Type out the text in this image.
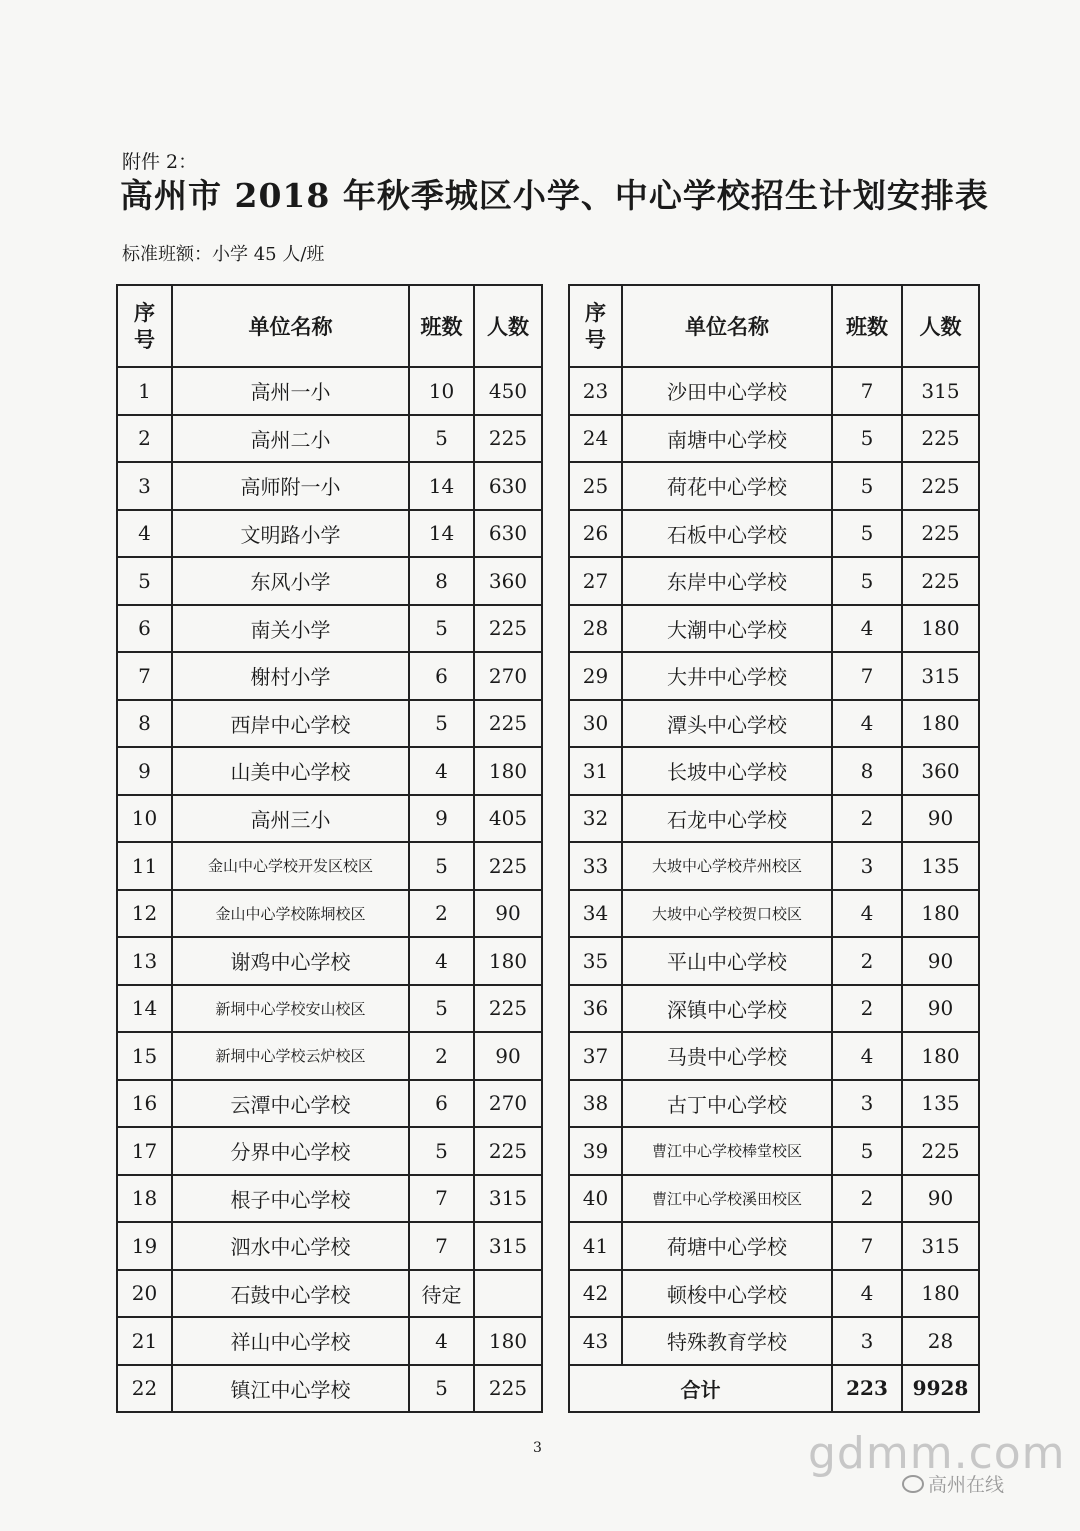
附件 2：
高州市 2018 年秋季城区小学、中心学校招生计划安排表
标准班额：小学 45 人/班
序号	单位名称	班数	人数
1	高州一小	10	450
2	高州二小	5	225
3	高师附一小	14	630
4	文明路小学	14	630
5	东风小学	8	360
6	南关小学	5	225
7	榭村小学	6	270
8	西岸中心学校	5	225
9	山美中心学校	4	180
10	高州三小	9	405
11	金山中心学校开发区校区	5	225
12	金山中心学校陈垌校区	2	90
13	谢鸡中心学校	4	180
14	新垌中心学校安山校区	5	225
15	新垌中心学校云炉校区	2	90
16	云潭中心学校	6	270
17	分界中心学校	5	225
18	根子中心学校	7	315
19	泗水中心学校	7	315
20	石鼓中心学校	待定	
21	祥山中心学校	4	180
22	镇江中心学校	5	225
序号	单位名称	班数	人数
23	沙田中心学校	7	315
24	南塘中心学校	5	225
25	荷花中心学校	5	225
26	石板中心学校	5	225
27	东岸中心学校	5	225
28	大潮中心学校	4	180
29	大井中心学校	7	315
30	潭头中心学校	4	180
31	长坡中心学校	8	360
32	石龙中心学校	2	90
33	大坡中心学校芹州校区	3	135
34	大坡中心学校贺口校区	4	180
35	平山中心学校	2	90
36	深镇中心学校	2	90
37	马贵中心学校	4	180
38	古丁中心学校	3	135
39	曹江中心学校棒堂校区	5	225
40	曹江中心学校溪田校区	2	90
41	荷塘中心学校	7	315
42	顿梭中心学校	4	180
43	特殊教育学校	3	28
合计		223	9928
3	gdmm.com
高州在线
